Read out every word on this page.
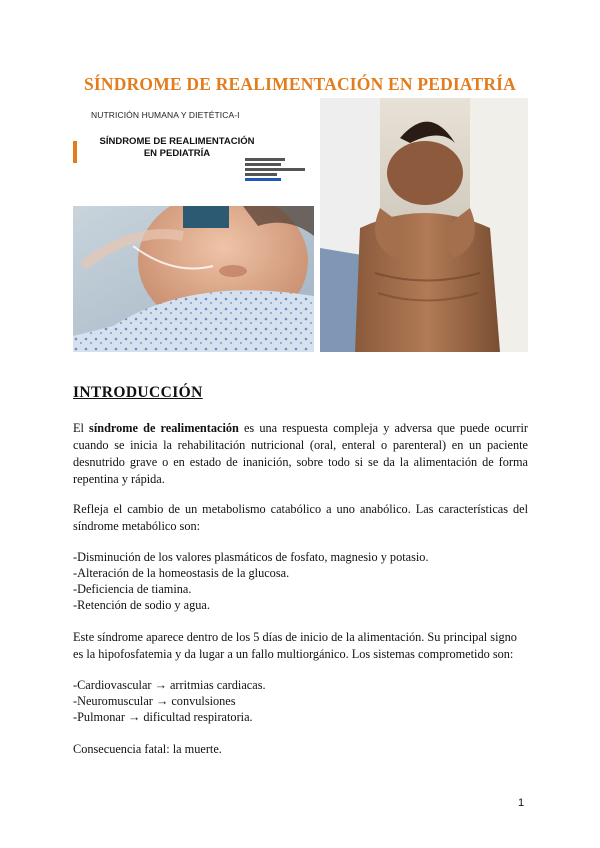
SÍNDROME DE REALIMENTACIÓN EN PEDIATRÍA
NUTRICIÓN HUMANA Y DIETÉTICA-I
SÍNDROME DE REALIMENTACIÓN
EN PEDIATRÍA
INTRODUCCIÓN

El síndrome de realimentación es una respuesta compleja y adversa que puede ocurrir cuando se inicia la rehabilitación nutricional (oral, enteral o parenteral) en un paciente desnutrido grave o en estado de inanición, sobre todo si se da la alimentación de forma repentina y rápida.

Refleja el cambio de un metabolismo catabólico a uno anabólico. Las características del síndrome metabólico son:

-Disminución de los valores plasmáticos de fosfato, magnesio y potasio.
-Alteración de la homeostasis de la glucosa.
-Deficiencia de tiamina.
-Retención de sodio y agua.

Este síndrome aparece dentro de los 5 días de inicio de la alimentación. Su principal signo es la hipofosfatemia y da lugar a un fallo multiorgánico. Los sistemas comprometido son:

-Cardiovascular → arritmias cardiacas.
-Neuromuscular → convulsiones
-Pulmonar → dificultad respiratoria.
Consecuencia fatal: la muerte.
1
